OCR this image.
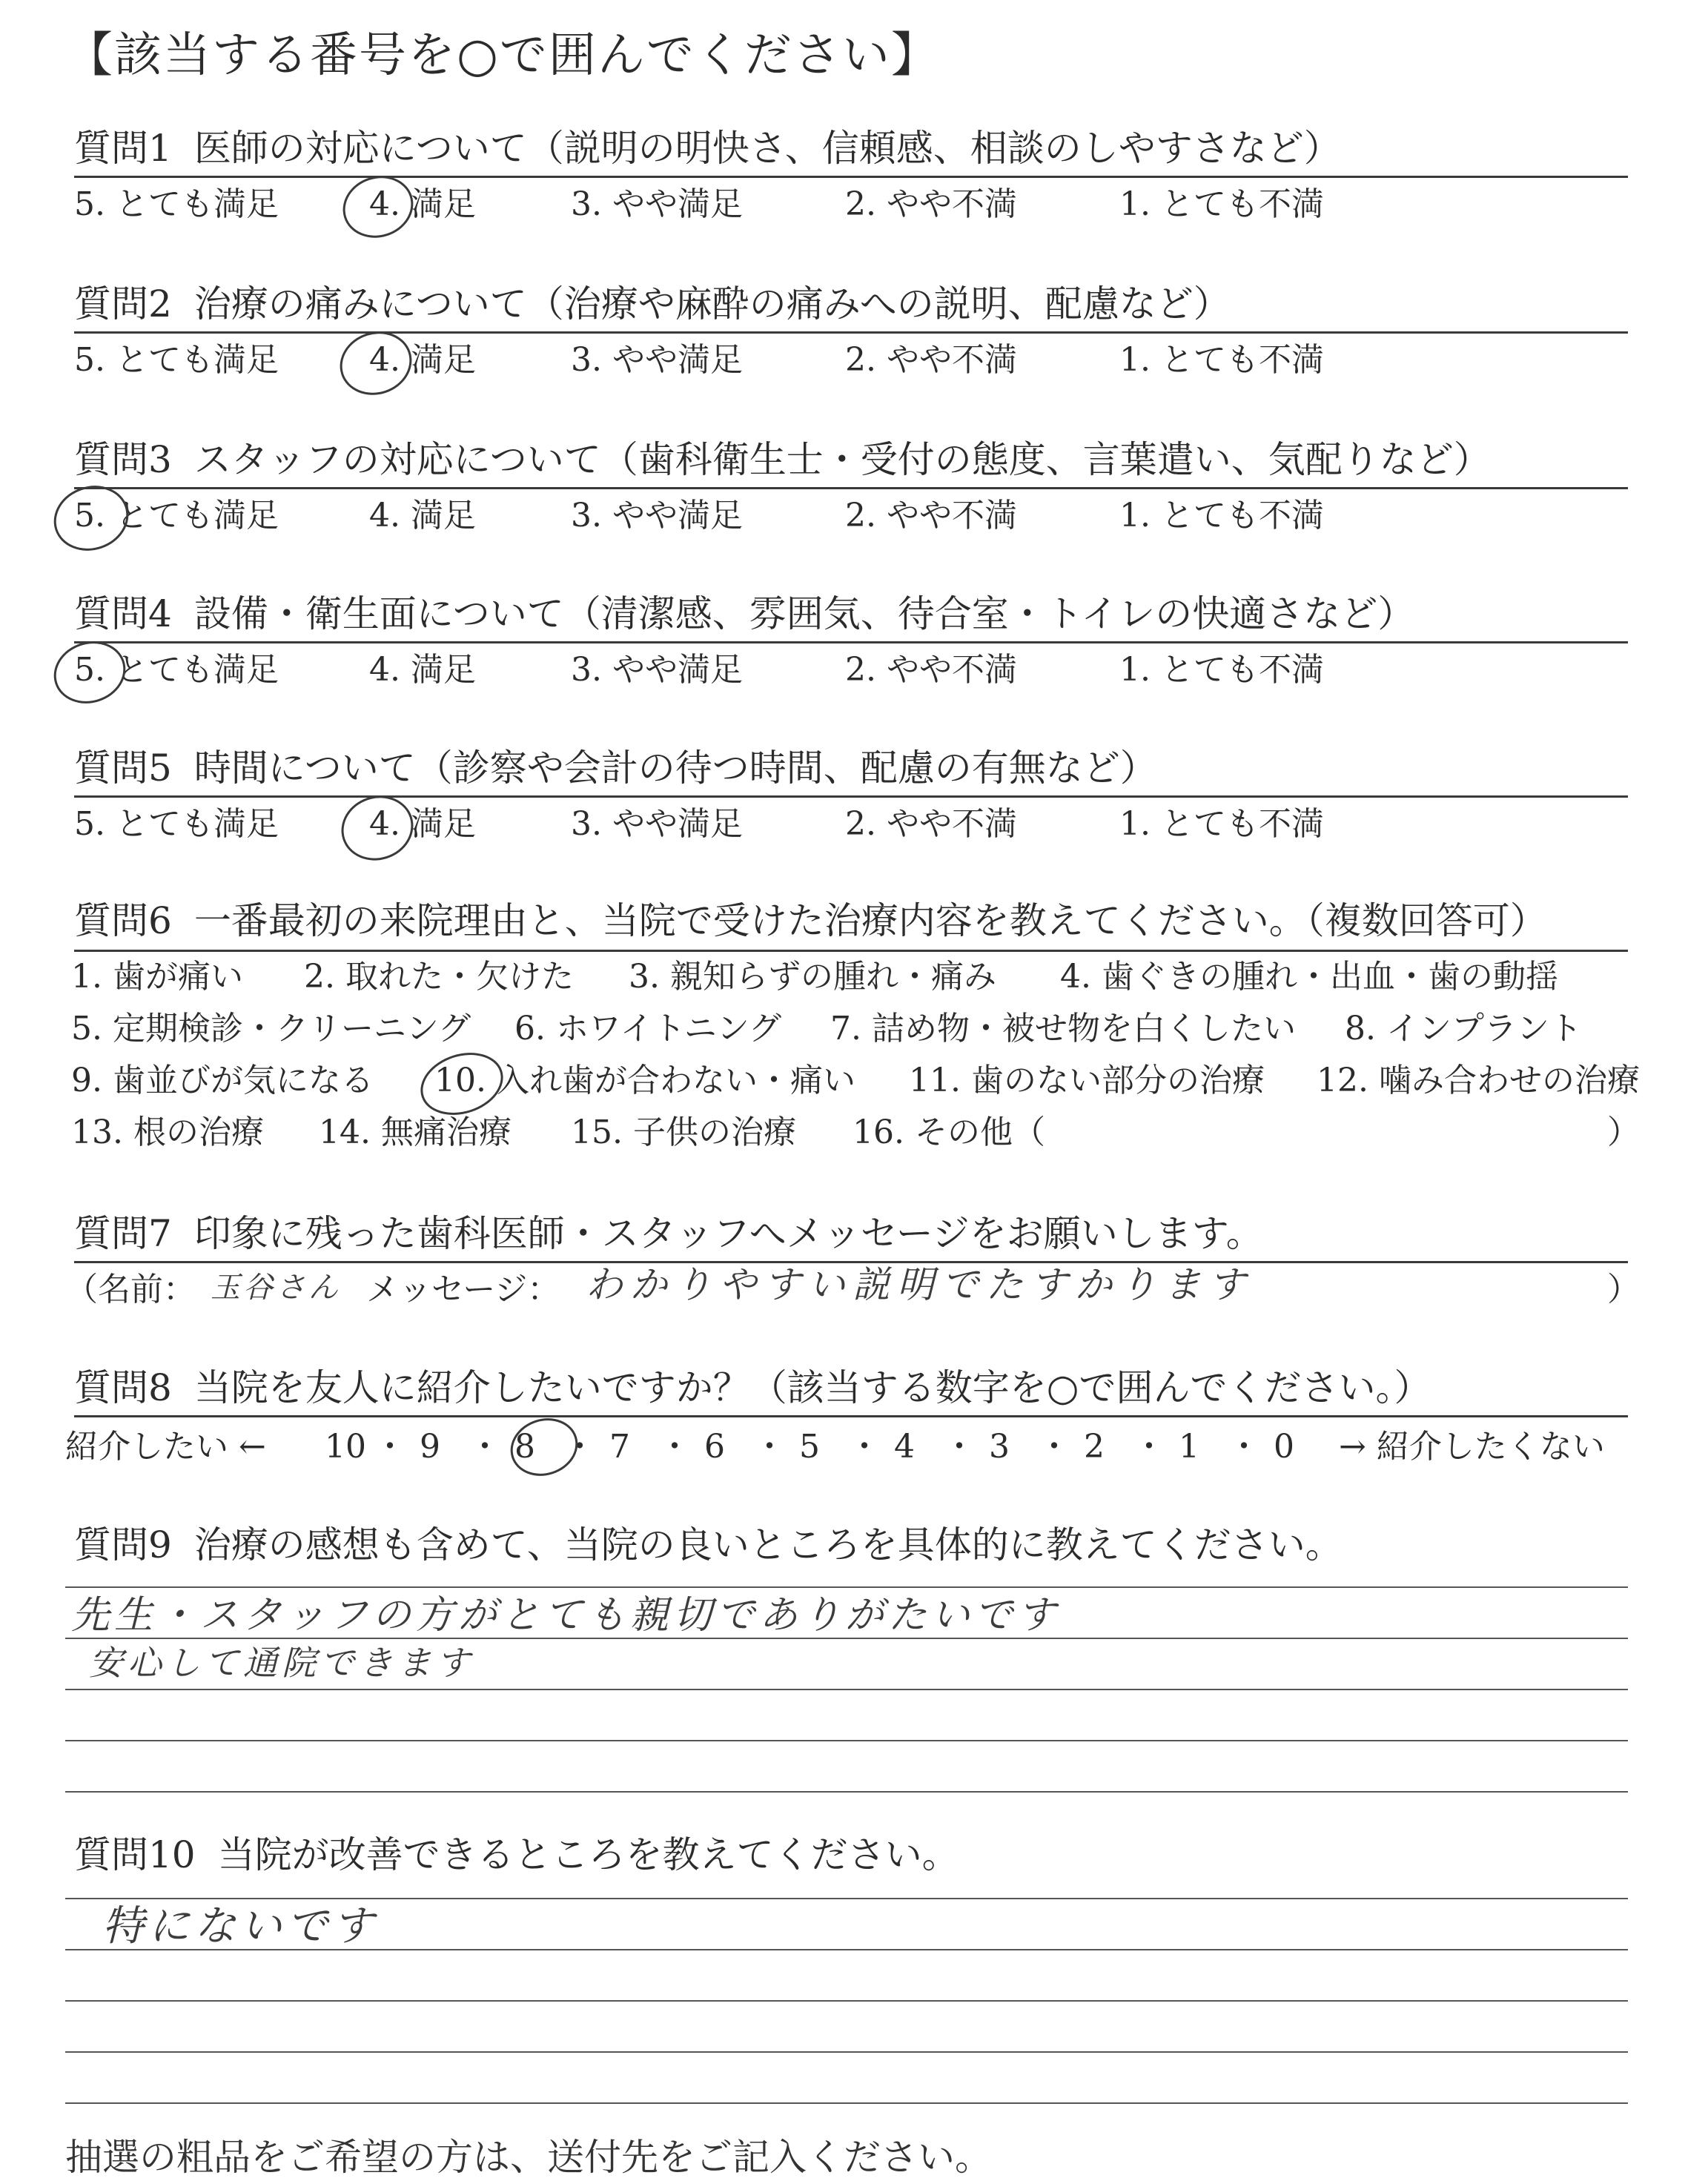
【該当する番号を○で囲んでください】
質問1 医師の対応について（説明の明快さ、信頼感、相談のしやすさなど）
5. とても満足	4. 満足	3. やや満足	2. やや不満	1. とても不満
質問2 治療の痛みについて（治療や麻酔の痛みへの説明、配慮など）
5. とても満足	4. 満足	3. やや満足	2. やや不満	1. とても不満
質問3 スタッフの対応について（歯科衛生士・受付の態度、言葉遣い、気配りなど）
5. とても満足	4. 満足	3. やや満足	2. やや不満	1. とても不満
質問4 設備・衛生面について（清潔感、雰囲気、待合室・トイレの快適さなど）
5. とても満足	4. 満足	3. やや満足	2. やや不満	1. とても不満
質問5 時間について（診察や会計の待つ時間、配慮の有無など）
5. とても満足	4. 満足	3. やや満足	2. やや不満	1. とても不満
質問6 一番最初の来院理由と、当院で受けた治療内容を教えてください。（複数回答可）
1. 歯が痛い 2. 取れた・欠けた 3. 親知らずの腫れ・痛み 4. 歯ぐきの腫れ・出血・歯の動揺
5. 定期検診・クリーニング 6. ホワイトニング 7. 詰め物・被せ物を白くしたい 8. インプラント
9. 歯並びが気になる 10. 入れ歯が合わない・痛い 11. 歯のない部分の治療 12. 噛み合わせの治療
13. 根の治療 14. 無痛治療 15. 子供の治療 16. その他（	）
質問7 印象に残った歯科医師・スタッフへメッセージをお願いします。
（名前： 玉谷さん メッセージ： わかりやすい説明でたすかります	）
質問8 当院を友人に紹介したいですか？（該当する数字を○で囲んでください。）
紹介したい ← 10 ・ 9 ・ 8 ・ 7 ・ 6 ・ 5 ・ 4 ・ 3 ・ 2 ・ 1 ・ 0 → 紹介したくない
質問9 治療の感想も含めて、当院の良いところを具体的に教えてください。
先生・スタッフの方がとても親切でありがたいです
安心して通院できます
質問10 当院が改善できるところを教えてください。
特にないです
抽選の粗品をご希望の方は、送付先をご記入ください。
